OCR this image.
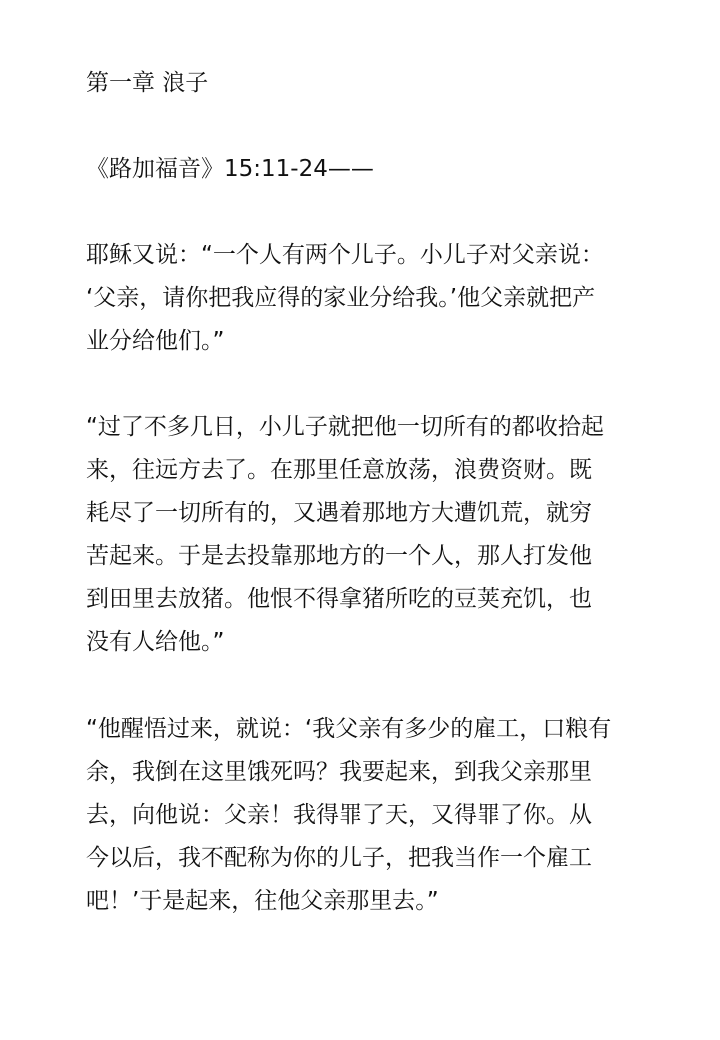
第一章 浪子
《路加福音》15:11-24——
耶稣又说：“一个人有两个儿子。小儿子对父亲说：
‘父亲，请你把我应得的家业分给我。’他父亲就把产
业分给他们。”
“过了不多几日，小儿子就把他一切所有的都收拾起
来，往远方去了。在那里任意放荡，浪费资财。既
耗尽了一切所有的，又遇着那地方大遭饥荒，就穷
苦起来。于是去投靠那地方的一个人，那人打发他
到田里去放猪。他恨不得拿猪所吃的豆荚充饥，也
没有人给他。”
“他醒悟过来，就说：‘我父亲有多少的雇工，口粮有
余，我倒在这里饿死吗？我要起来，到我父亲那里
去，向他说：父亲！我得罪了天，又得罪了你。从
今以后，我不配称为你的儿子，把我当作一个雇工
吧！’于是起来，往他父亲那里去。”
